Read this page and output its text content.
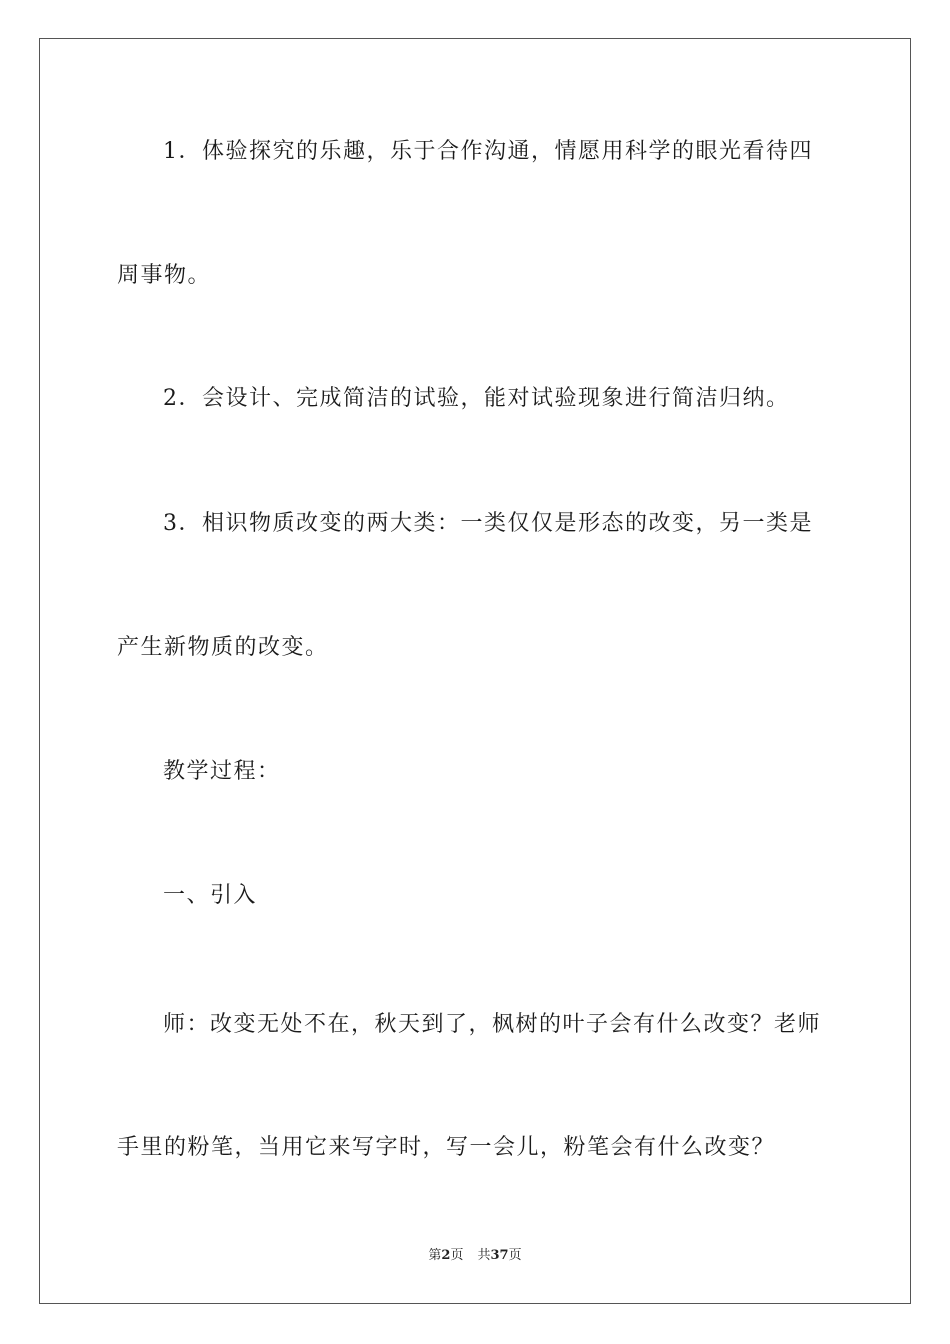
1．体验探究的乐趣，乐于合作沟通，情愿用科学的眼光看待四
周事物。
2．会设计、完成简洁的试验，能对试验现象进行简洁归纳。
3．相识物质改变的两大类：一类仅仅是形态的改变，另一类是
产生新物质的改变。
教学过程：
一、引入
师：改变无处不在，秋天到了，枫树的叶子会有什么改变？老师
手里的粉笔，当用它来写字时，写一会儿，粉笔会有什么改变？
第2页 共37页
